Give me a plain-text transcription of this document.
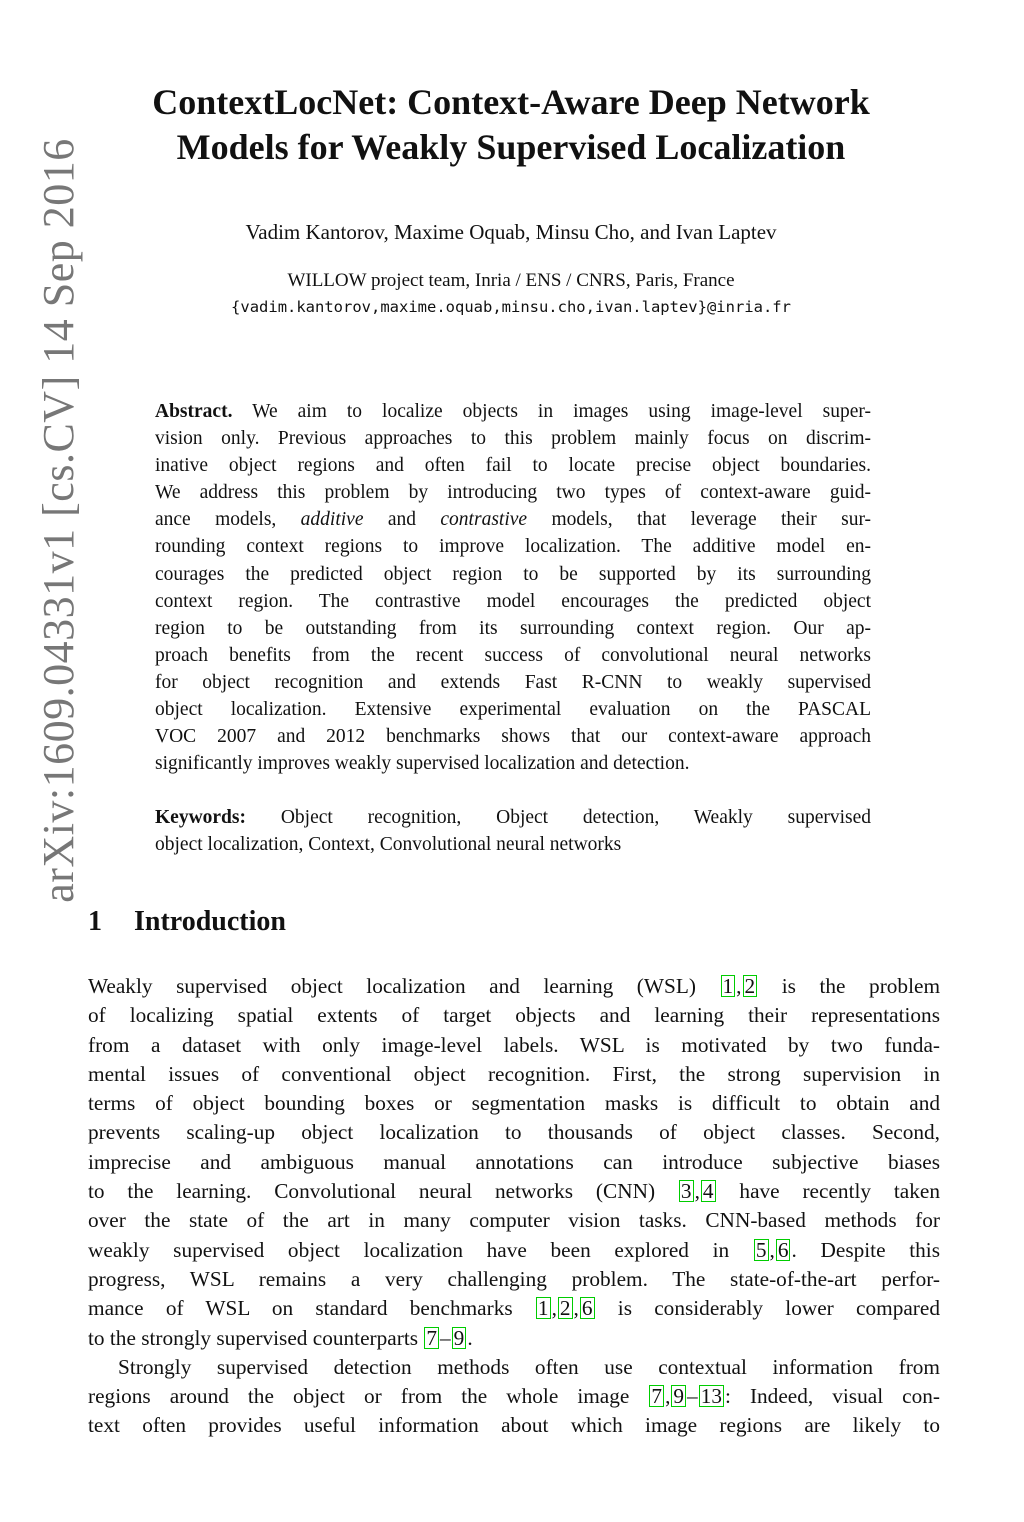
arXiv:1609.04331v1 [cs.CV] 14 Sep 2016
ContextLocNet: Context-Aware Deep Network
Models for Weakly Supervised Localization
Vadim Kantorov, Maxime Oquab, Minsu Cho, and Ivan Laptev
WILLOW project team, Inria / ENS / CNRS, Paris, France
{vadim.kantorov,maxime.oquab,minsu.cho,ivan.laptev}@inria.fr
Abstract. We aim to localize objects in images using image-level super-
vision only. Previous approaches to this problem mainly focus on discrim-
inative object regions and often fail to locate precise object boundaries.
We address this problem by introducing two types of context-aware guid-
ance models, additive and contrastive models, that leverage their sur-
rounding context regions to improve localization. The additive model en-
courages the predicted object region to be supported by its surrounding
context region. The contrastive model encourages the predicted object
region to be outstanding from its surrounding context region. Our ap-
proach benefits from the recent success of convolutional neural networks
for object recognition and extends Fast R-CNN to weakly supervised
object localization. Extensive experimental evaluation on the PASCAL
VOC 2007 and 2012 benchmarks shows that our context-aware approach
significantly improves weakly supervised localization and detection.
Keywords: Object recognition, Object detection, Weakly supervised
object localization, Context, Convolutional neural networks
1 Introduction
Weakly supervised object localization and learning (WSL) 1 , 2 is the problem
of localizing spatial extents of target objects and learning their representations
from a dataset with only image-level labels. WSL is motivated by two funda-
mental issues of conventional object recognition. First, the strong supervision in
terms of object bounding boxes or segmentation masks is difficult to obtain and
prevents scaling-up object localization to thousands of object classes. Second,
imprecise and ambiguous manual annotations can introduce subjective biases
to the learning. Convolutional neural networks (CNN) 3 , 4 have recently taken
over the state of the art in many computer vision tasks. CNN-based methods for
weakly supervised object localization have been explored in 5 , 6 . Despite this
progress, WSL remains a very challenging problem. The state-of-the-art perfor-
mance of WSL on standard benchmarks 1 , 2 , 6 is considerably lower compared
to the strongly supervised counterparts 7 – 9 .
Strongly supervised detection methods often use contextual information from
regions around the object or from the whole image 7 , 9 – 13 : Indeed, visual con-
text often provides useful information about which image regions are likely to
